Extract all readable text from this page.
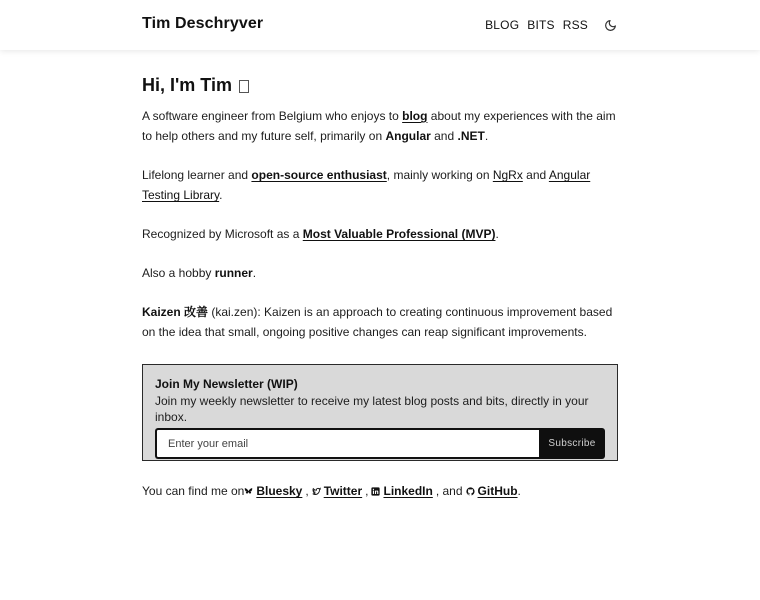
Tim Deschryver	BLOG BITS RSS
Hi, I'm Tim

A software engineer from Belgium who enjoys to blog about my experiences with the aim to help others and my future self, primarily on Angular and .NET.

Lifelong learner and open-source enthusiast, mainly working on NgRx and Angular Testing Library.

Recognized by Microsoft as a Most Valuable Professional (MVP).

Also a hobby runner.

Kaizen 改善 (kai.zen): Kaizen is an approach to creating continuous improvement based on the idea that small, ongoing positive changes can reap significant improvements.

Join My Newsletter (WIP)
Join my weekly newsletter to receive my latest blog posts and bits, directly in your inbox.
Enter your email
Subscribe

You can find me on Bluesky , Twitter , LinkedIn , and GitHub .
